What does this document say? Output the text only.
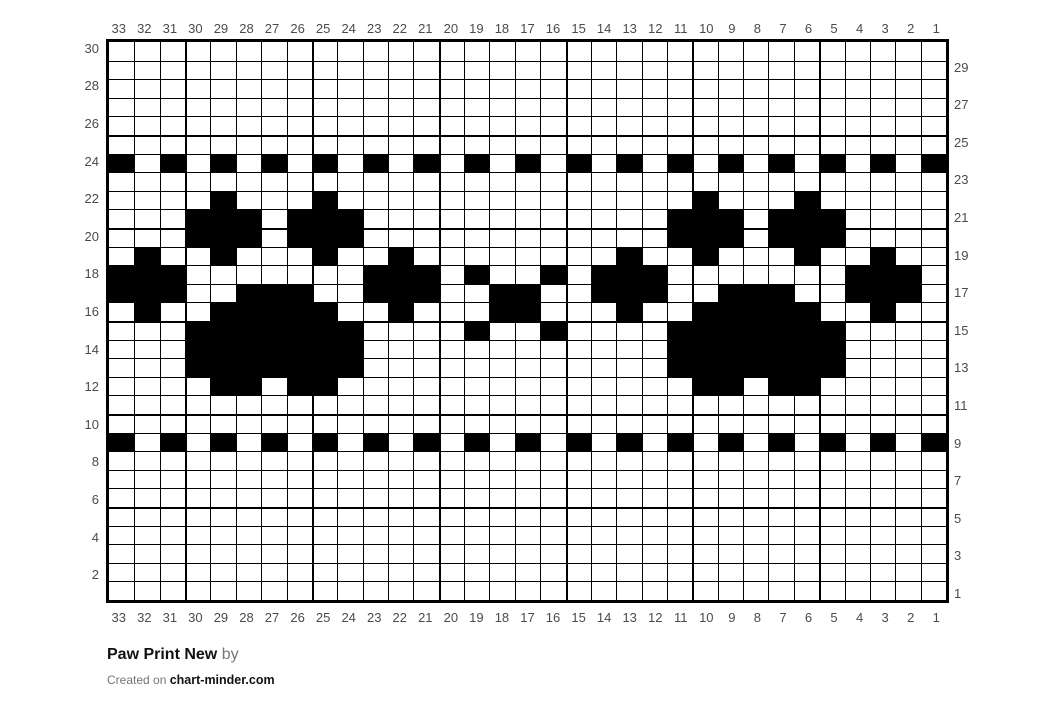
33 32 31 30 29 28 27 26 25 24 23 22 21 20 19 18 17 16 15 14 13 12 11 10	9	8	7	6	5	4	3	2	1
30
28
26
24
22
20
18
16
14
12
10
8
6
4
2
29
27
25
23
21
19
17
15
13
11
9
7
5
3
1
33 32 31 30 29 28 27 26 25 24 23 22 21 20 19 18 17 16 15 14 13 12 11 10	9	8	7	6	5	4	3	2	1
Paw Print New by
Created on chart-minder.com
